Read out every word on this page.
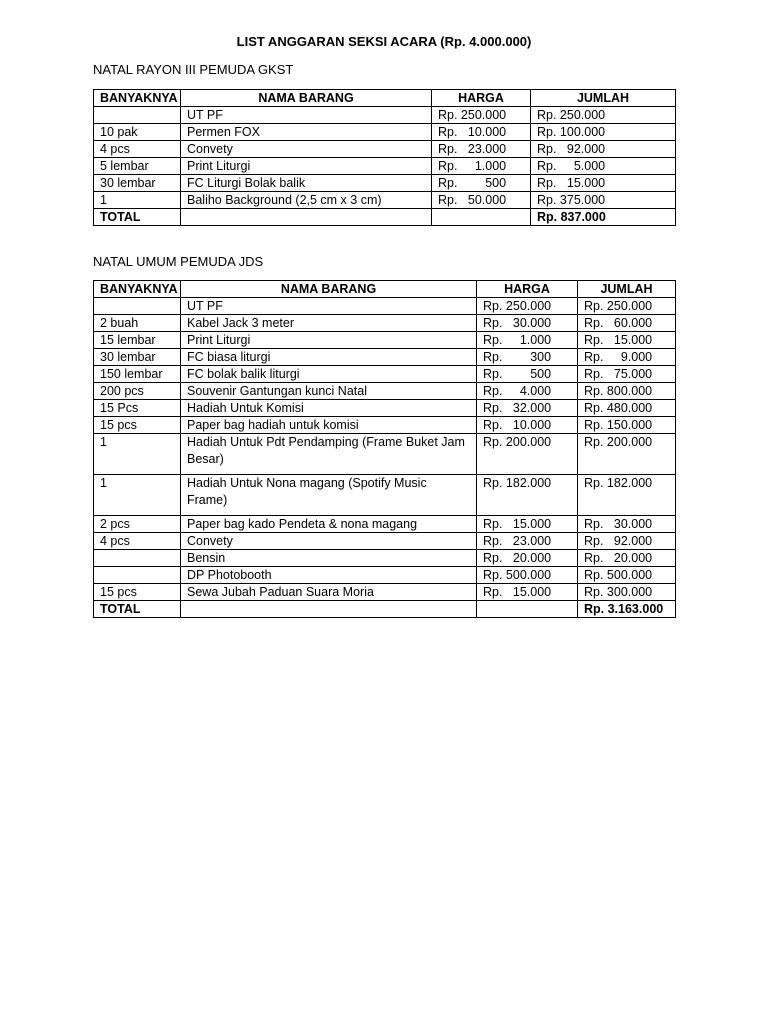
LIST ANGGARAN SEKSI ACARA (Rp. 4.000.000)
NATAL RAYON III PEMUDA GKST
BANYAKNYA	NAMA BARANG	HARGA	JUMLAH
	UT PF	Rp. 250.000	Rp. 250.000
10 pak	Permen FOX	Rp.   10.000	Rp. 100.000
4 pcs	Convety	Rp.   23.000	Rp.   92.000
5 lembar	Print Liturgi	Rp.     1.000	Rp.     5.000
30 lembar	FC Liturgi Bolak balik	Rp.        500	Rp.   15.000
1	Baliho Background (2,5 cm x 3 cm)	Rp.   50.000	Rp. 375.000
TOTAL			Rp. 837.000
NATAL UMUM PEMUDA JDS
BANYAKNYA	NAMA BARANG	HARGA	JUMLAH
	UT PF	Rp. 250.000	Rp. 250.000
2 buah	Kabel Jack 3 meter	Rp.   30.000	Rp.   60.000
15 lembar	Print Liturgi	Rp.     1.000	Rp.   15.000
30 lembar	FC biasa liturgi	Rp.        300	Rp.     9.000
150 lembar	FC bolak balik liturgi	Rp.        500	Rp.   75.000
200 pcs	Souvenir Gantungan kunci Natal	Rp.     4.000	Rp. 800.000
15 Pcs	Hadiah Untuk Komisi	Rp.   32.000	Rp. 480.000
15 pcs	Paper bag hadiah untuk komisi	Rp.   10.000	Rp. 150.000
1	Hadiah Untuk Pdt Pendamping (Frame Buket Jam Besar)	Rp. 200.000	Rp. 200.000
1	Hadiah Untuk Nona magang (Spotify Music Frame)	Rp. 182.000	Rp. 182.000
2 pcs	Paper bag kado Pendeta & nona magang	Rp.   15.000	Rp.   30.000
4 pcs	Convety	Rp.   23.000	Rp.   92.000
	Bensin	Rp.   20.000	Rp.   20.000
	DP Photobooth	Rp. 500.000	Rp. 500.000
15 pcs	Sewa Jubah Paduan Suara Moria	Rp.   15.000	Rp. 300.000
TOTAL			Rp. 3.163.000
